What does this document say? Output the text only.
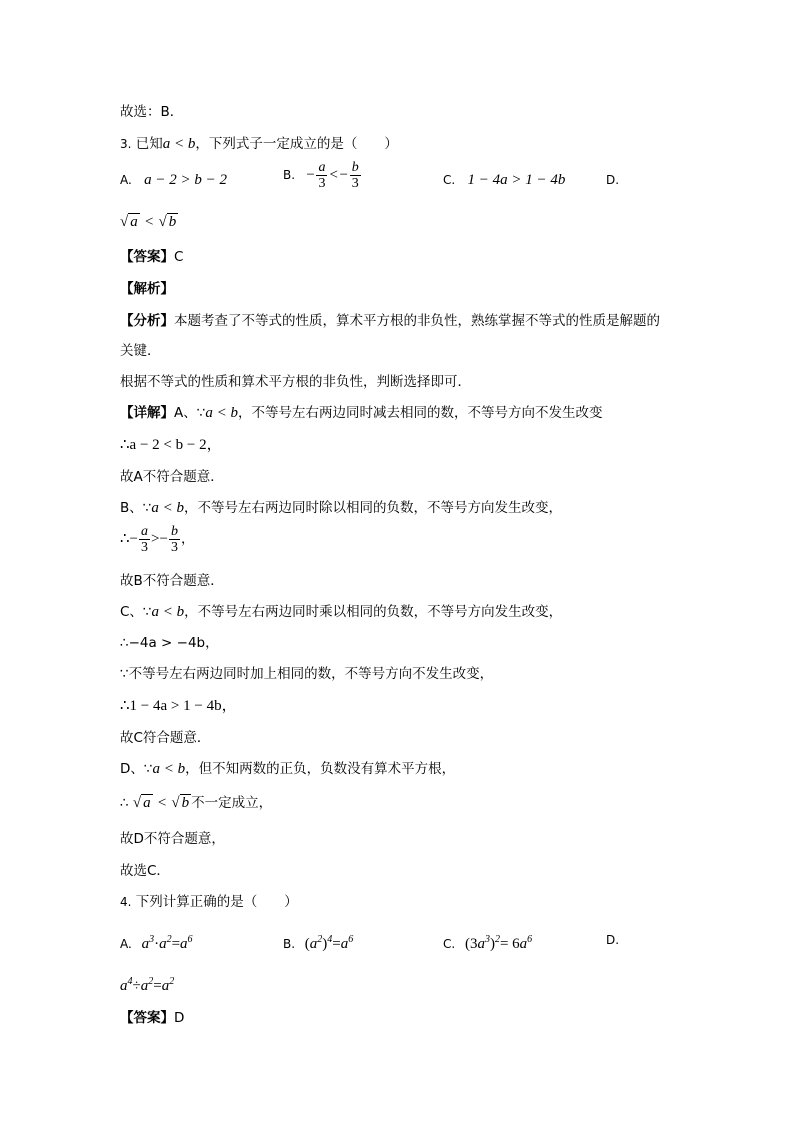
故选：B．
3. 已知a < b，下列式子一定成立的是（　　）
A. a − 2 > b − 2	B. − $\frac{a}{3} <- \frac{b}{3}$	C. 1 − 4a > 1 − 4b	D.
√ a < √ b
【答案】C
【解析】
【分析】本题考查了不等式的性质，算术平方根的非负性，熟练掌握不等式的性质是解题的
关键．
根据不等式的性质和算术平方根的非负性，判断选择即可．
【详解】A、∵a < b，不等号左右两边同时减去相同的数，不等号方向不发生改变
∴a − 2 < b − 2，
故A不符合题意．
B、∵a < b，不等号左右两边同时除以相同的负数，不等号方向发生改变，
∴− $\frac{a}{3} >- \frac{b}{3}$ ，
故B不符合题意．
C、∵a < b，不等号左右两边同时乘以相同的负数，不等号方向发生改变，
∴−4a > −4b，
∵不等号左右两边同时加上相同的数，不等号方向不发生改变，
∴1 − 4a > 1 − 4b，
故C符合题意．
D、∵a < b，但不知两数的正负，负数没有算术平方根，
∴ √ a < √ b 不一定成立，
故D不符合题意，
故选C．
4. 下列计算正确的是（　　）
A. $a^3\cdot a^2=a^6$	B. $(a^2)^4=a^6$	C. $(3a^3)^2= 6a^6$	D.
$a^4\div a^2=a^2$
【答案】D
